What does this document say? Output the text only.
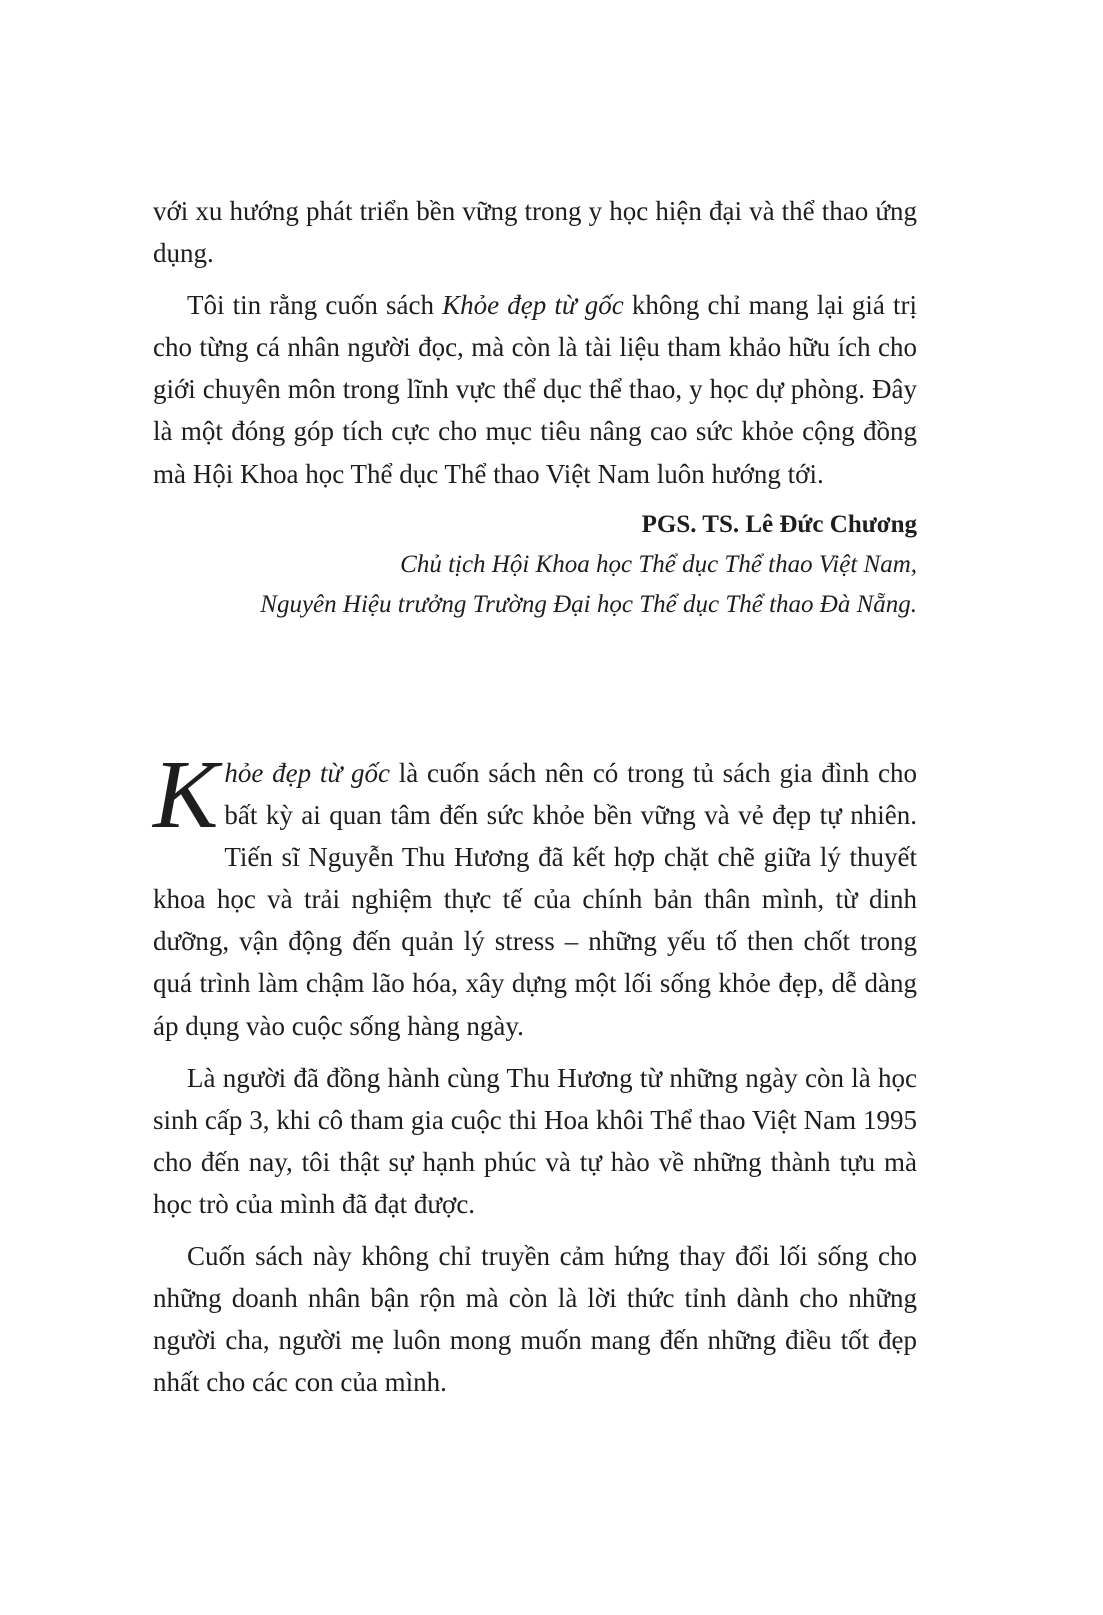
với xu hướng phát triển bền vững trong y học hiện đại và thể thao ứng dụng.

Tôi tin rằng cuốn sách Khỏe đẹp từ gốc không chỉ mang lại giá trị cho từng cá nhân người đọc, mà còn là tài liệu tham khảo hữu ích cho giới chuyên môn trong lĩnh vực thể dục thể thao, y học dự phòng. Đây là một đóng góp tích cực cho mục tiêu nâng cao sức khỏe cộng đồng mà Hội Khoa học Thể dục Thể thao Việt Nam luôn hướng tới.

PGS. TS. Lê Đức Chương

Chủ tịch Hội Khoa học Thể dục Thể thao Việt Nam,

Nguyên Hiệu trưởng Trường Đại học Thể dục Thể thao Đà Nẵng.

Khỏe đẹp từ gốc là cuốn sách nên có trong tủ sách gia đình cho bất kỳ ai quan tâm đến sức khỏe bền vững và vẻ đẹp tự nhiên. Tiến sĩ Nguyễn Thu Hương đã kết hợp chặt chẽ giữa lý thuyết khoa học và trải nghiệm thực tế của chính bản thân mình, từ dinh dưỡng, vận động đến quản lý stress – những yếu tố then chốt trong quá trình làm chậm lão hóa, xây dựng một lối sống khỏe đẹp, dễ dàng áp dụng vào cuộc sống hàng ngày.

Là người đã đồng hành cùng Thu Hương từ những ngày còn là học sinh cấp 3, khi cô tham gia cuộc thi Hoa khôi Thể thao Việt Nam 1995 cho đến nay, tôi thật sự hạnh phúc và tự hào về những thành tựu mà học trò của mình đã đạt được.

Cuốn sách này không chỉ truyền cảm hứng thay đổi lối sống cho những doanh nhân bận rộn mà còn là lời thức tỉnh dành cho những người cha, người mẹ luôn mong muốn mang đến những điều tốt đẹp nhất cho các con của mình.
